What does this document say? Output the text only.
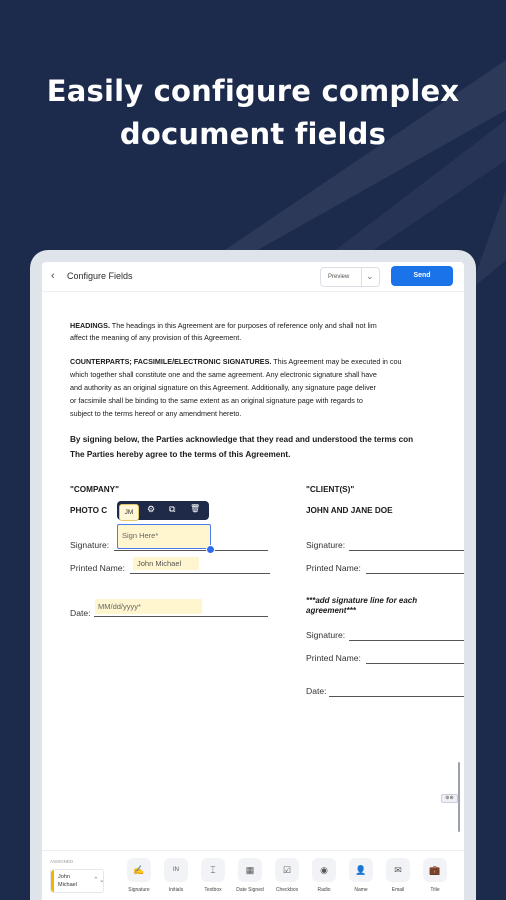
Easily configure complex
document fields
‹ Configure Fields	Preview ⌄	Send
HEADINGS. The headings in this Agreement are for purposes of reference only and shall not lim
affect the meaning of any provision of this Agreement.
COUNTERPARTS; FACSIMILE/ELECTRONIC SIGNATURES. This Agreement may be executed in cou
which together shall constitute one and the same agreement. Any electronic signature shall have
and authority as an original signature on this Agreement. Additionally, any signature page deliver
or facsimile shall be binding to the same extent as an original signature page with regards to
subject to the terms hereof or any amendment hereto.
By signing below, the Parties acknowledge that they read and understood the terms con
The Parties hereby agree to the terms of this Agreement.
"COMPANY"
PHOTO C
Signature:
Printed Name:
Date:
"CLIENT(S)"
JOHN AND JANE DOE
Signature:
Printed Name:
***add signature line for each
agreement***
Signature:
Printed Name:
Date:
⚙ ⧉ 🗑
JM
Sign Here*
John Michael
MM/dd/yyyy*
⊕⊕
ASSIGNED
John Michael
⌃⌄
✍
Signature
IN
Initials
⌶
Textbox
▦
Date Signed
☑
Checkbox
◉
Radio
👤
Name
✉
Email
💼
Title
